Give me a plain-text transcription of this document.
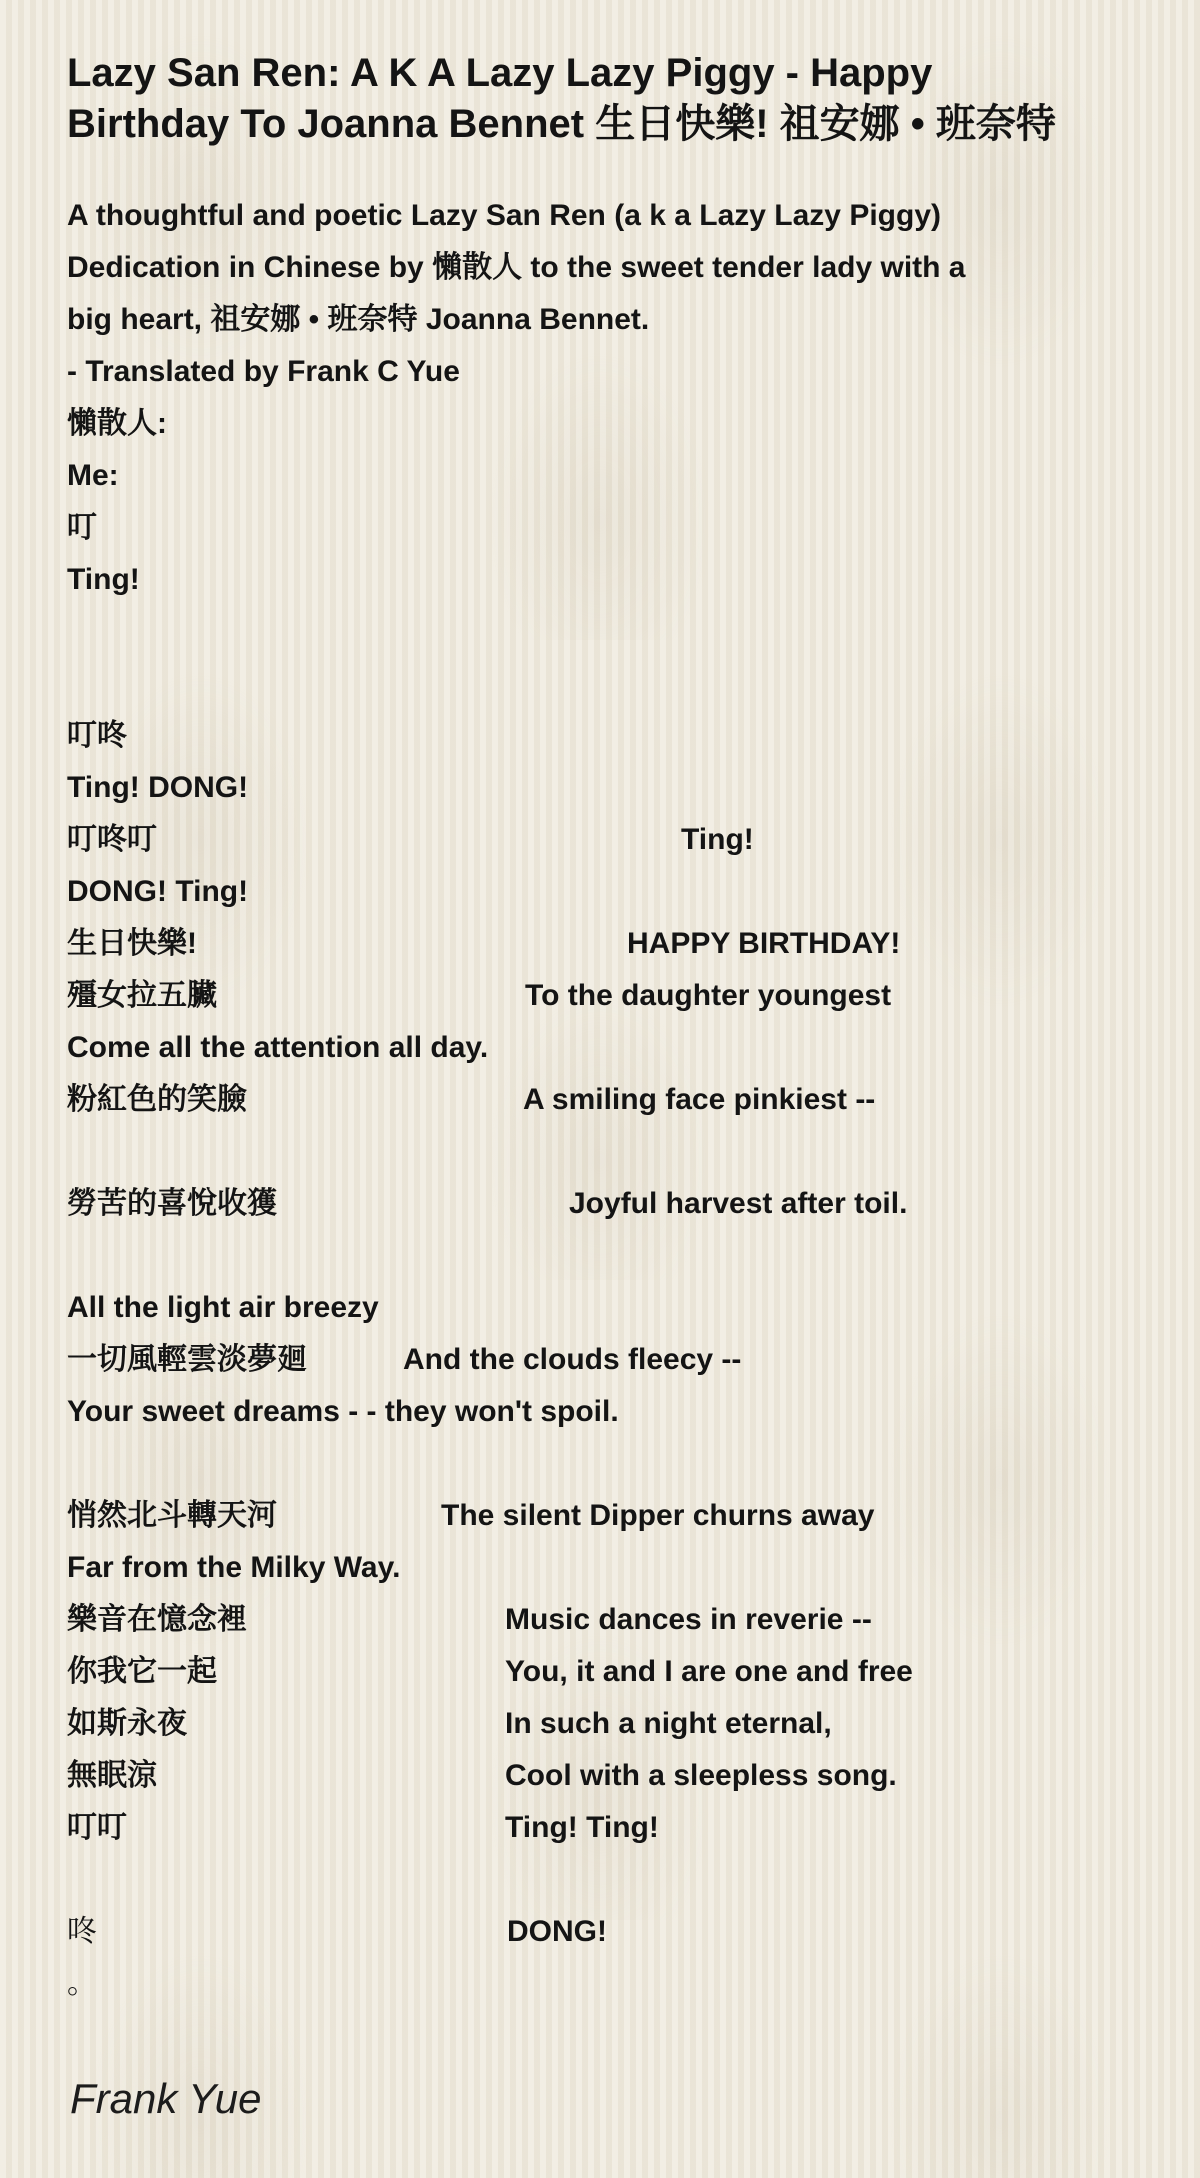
Lazy San Ren: A K A Lazy Lazy Piggy - Happy
Birthday To Joanna Bennet 生日快樂! 祖安娜 • 班奈特
A thoughtful and poetic Lazy San Ren (a k a Lazy Lazy Piggy)
Dedication in Chinese by 懶散人 to the sweet tender lady with a
big heart, 祖安娜 • 班奈特 Joanna Bennet.
- Translated by Frank C Yue
懶散人:
Me:
叮
Ting!
叮咚
Ting! DONG!
叮咚叮	Ting!
DONG! Ting!
生日快樂!	HAPPY BIRTHDAY!
殭女拉五臟	To the daughter youngest
Come all the attention all day.
粉紅色的笑臉	A smiling face pinkiest --
勞苦的喜悅收獲	Joyful harvest after toil.
All the light air breezy
一切風輕雲淡夢廻	And the clouds fleecy --
Your sweet dreams - - they won't spoil.
悄然北斗轉天河	The silent Dipper churns away
Far from the Milky Way.
樂音在憶念裡	Music dances in reverie --
你我它一起	You, it and I are one and free
如斯永夜	In such a night eternal,
無眠涼	Cool with a sleepless song.
叮叮	Ting! Ting!
咚	DONG!
。
Frank Yue
